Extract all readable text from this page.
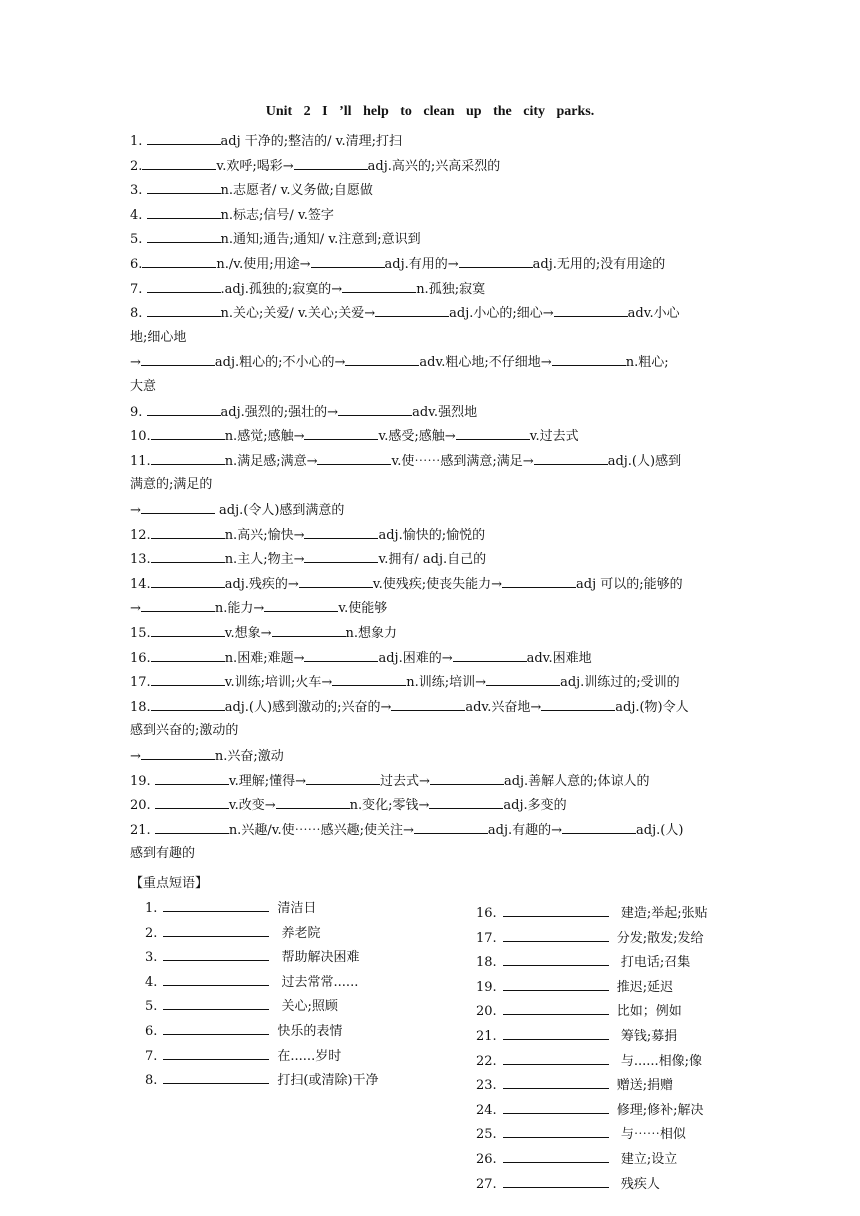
Unit 2 I ’ll help to clean up the city parks.
1.	adj 干净的;整洁的/ v.清理;打扫
2.	v.欢呼;喝彩→	adj.高兴的;兴高采烈的
3.	n.志愿者/ v.义务做;自愿做
4.	n.标志;信号/ v.签字
5.	n.通知;通告;通知/ v.注意到;意识到
6.	n./v.使用;用途→	adj.有用的→	adj.无用的;没有用途的
7.	.adj.孤独的;寂寞的→	n.孤独;寂寞
8.	n.关心;关爱/ v.关心;关爱→	adj.小心的;细心→	adv.小心
地;细心地
→	adj.粗心的;不小心的→	adv.粗心地;不仔细地→	n.粗心;
大意
9.	adj.强烈的;强壮的→	adv.强烈地
10.	n.感觉;感触→	v.感受;感触→	v.过去式
11.	n.满足感;满意→	v.使⋯⋯感到满意;满足→	adj.(人)感到
满意的;满足的
→	adj.(令人)感到满意的
12.	n.高兴;愉快→	adj.愉快的;愉悦的
13.	n.主人;物主→	v.拥有/ adj.自己的
14.	adj.残疾的→	v.使残疾;使丧失能力→	adj 可以的;能够的
→	n.能力→	v.使能够
15.	v.想象→	n.想象力
16.	n.困难;难题→	adj.困难的→	adv.困难地
17.	v.训练;培训;火车→	n.训练;培训→	adj.训练过的;受训的
18.	adj.(人)感到激动的;兴奋的→	adv.兴奋地→	adj.(物)令人
感到兴奋的;激动的
→	n.兴奋;激动
19.	v.理解;懂得→	过去式→	adj.善解人意的;体谅人的
20.	v.改变→	n.变化;零钱→	adj.多变的
21.	n.兴趣/v.使⋯⋯感兴趣;使关注→	adj.有趣的→	adj.(人)
感到有趣的
【重点短语】
1.	清洁日
2.	养老院
3.	帮助解决困难
4.	过去常常......
5.	关心;照顾
6.	快乐的表情
7.	在......岁时
8.	打扫(或清除)干净
16.	建造;举起;张贴
17.	分发;散发;发给
18.	打电话;召集
19.	推迟;延迟
20.	比如；例如
21.	筹钱;募捐
22.	与......相像;像
23.	赠送;捐赠
24.	修理;修补;解决
25.	与⋯⋯相似
26.	建立;设立
27.	残疾人
